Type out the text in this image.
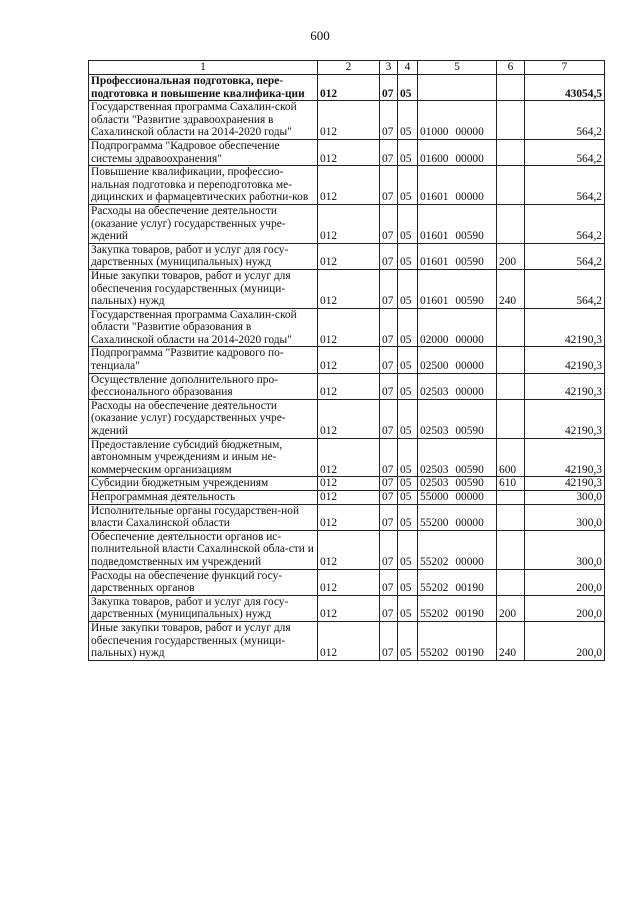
600
1	2	3	4	5	6	7
Профессиональная подготовка, пере-подготовка и повышение квалифика-ции	012	07	05			43054,5
Государственная программа Сахалин-ской области "Развитие здравоохранения в Сахалинской области на 2014-2020 годы"	012	07	05	01000 00000		564,2
Подпрограмма "Кадровое обеспечение системы здравоохранения"	012	07	05	01600 00000		564,2
Повышение квалификации, профессио-нальная подготовка и переподготовка ме-дицинских и фармацевтических работни-ков	012	07	05	01601 00000		564,2
Расходы на обеспечение деятельности (оказание услуг) государственных учре-ждений	012	07	05	01601 00590		564,2
Закупка товаров, работ и услуг для госу-дарственных (муниципальных) нужд	012	07	05	01601 00590	200	564,2
Иные закупки товаров, работ и услуг для обеспечения государственных (муници-пальных) нужд	012	07	05	01601 00590	240	564,2
Государственная программа Сахалин-ской области "Развитие образования в Сахалинской области на 2014-2020 годы"	012	07	05	02000 00000		42190,3
Подпрограмма "Развитие кадрового по-тенциала"	012	07	05	02500 00000		42190,3
Осуществление дополнительного про-фессионального образования	012	07	05	02503 00000		42190,3
Расходы на обеспечение деятельности (оказание услуг) государственных учре-ждений	012	07	05	02503 00590		42190,3
Предоставление субсидий бюджетным, автономным учреждениям и иным не-коммерческим организациям	012	07	05	02503 00590	600	42190,3
Субсидии бюджетным учреждениям	012	07	05	02503 00590	610	42190,3
Непрограммная деятельность	012	07	05	55000 00000		300,0
Исполнительные органы государствен-ной власти Сахалинской области	012	07	05	55200 00000		300,0
Обеспечение деятельности органов ис-полнительной власти Сахалинской обла-сти и подведомственных им учреждений	012	07	05	55202 00000		300,0
Расходы на обеспечение функций госу-дарственных органов	012	07	05	55202 00190		200,0
Закупка товаров, работ и услуг для госу-дарственных (муниципальных) нужд	012	07	05	55202 00190	200	200,0
Иные закупки товаров, работ и услуг для обеспечения государственных (муници-пальных) нужд	012	07	05	55202 00190	240	200,0
